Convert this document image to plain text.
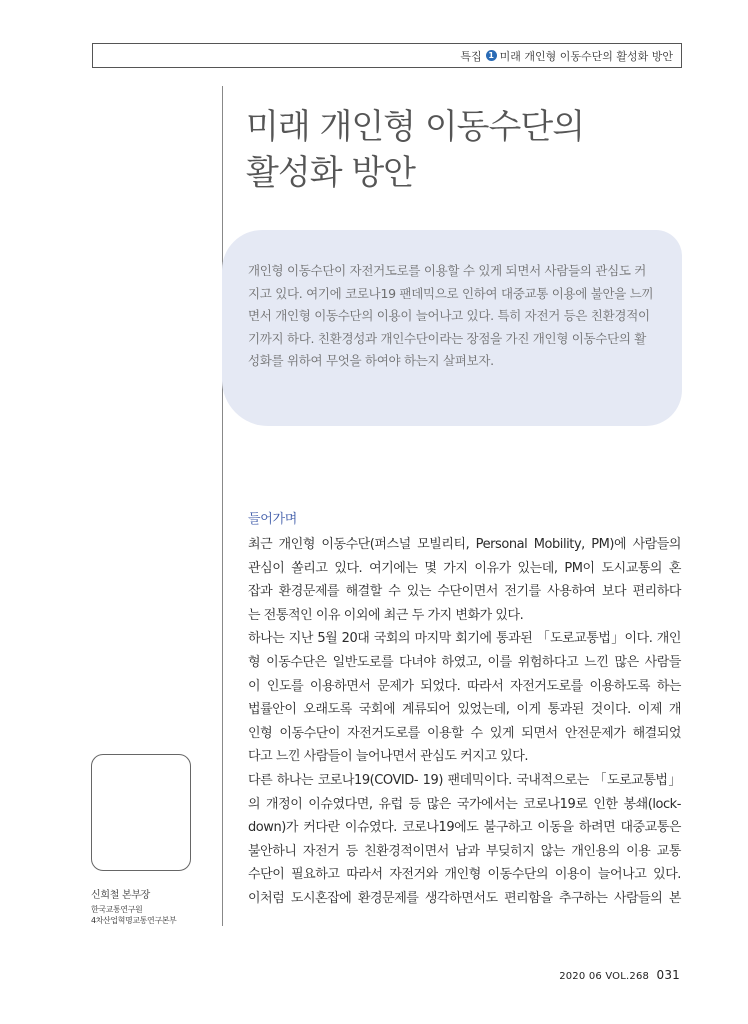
특집 1 미래 개인형 이동수단의 활성화 방안
미래 개인형 이동수단의
활성화 방안
개인형 이동수단이 자전거도로를 이용할 수 있게 되면서 사람들의 관심도 커
지고 있다. 여기에 코로나19 팬데믹으로 인하여 대중교통 이용에 불안을 느끼
면서 개인형 이동수단의 이용이 늘어나고 있다. 특히 자전거 등은 친환경적이
기까지 하다. 친환경성과 개인수단이라는 장점을 가진 개인형 이동수단의 활
성화를 위하여 무엇을 하여야 하는지 살펴보자.
들어가며
최근 개인형 이동수단(퍼스널 모빌리티, Personal Mobility, PM)에 사람들의
관심이 쏠리고 있다. 여기에는 몇 가지 이유가 있는데, PM이 도시교통의 혼
잡과 환경문제를 해결할 수 있는 수단이면서 전기를 사용하여 보다 편리하다
는 전통적인 이유 이외에 최근 두 가지 변화가 있다.
하나는 지난 5월 20대 국회의 마지막 회기에 통과된 「도로교통법」이다. 개인
형 이동수단은 일반도로를 다녀야 하였고, 이를 위험하다고 느낀 많은 사람들
이 인도를 이용하면서 문제가 되었다. 따라서 자전거도로를 이용하도록 하는
법률안이 오래도록 국회에 계류되어 있었는데, 이게 통과된 것이다. 이제 개
인형 이동수단이 자전거도로를 이용할 수 있게 되면서 안전문제가 해결되었
다고 느낀 사람들이 늘어나면서 관심도 커지고 있다.
다른 하나는 코로나19(COVID- 19) 팬데믹이다. 국내적으로는 「도로교통법」
의 개정이 이슈였다면, 유럽 등 많은 국가에서는 코로나19로 인한 봉쇄(lock-
down)가 커다란 이슈였다. 코로나19에도 불구하고 이동을 하려면 대중교통은
불안하니 자전거 등 친환경적이면서 남과 부딪히지 않는 개인용의 이용 교통
수단이 필요하고 따라서 자전거와 개인형 이동수단의 이용이 늘어나고 있다.
이처럼 도시혼잡에 환경문제를 생각하면서도 편리함을 추구하는 사람들의 본
신희철 본부장
한국교통연구원
4차산업혁명교통연구본부
2020 06 VOL.268 031
